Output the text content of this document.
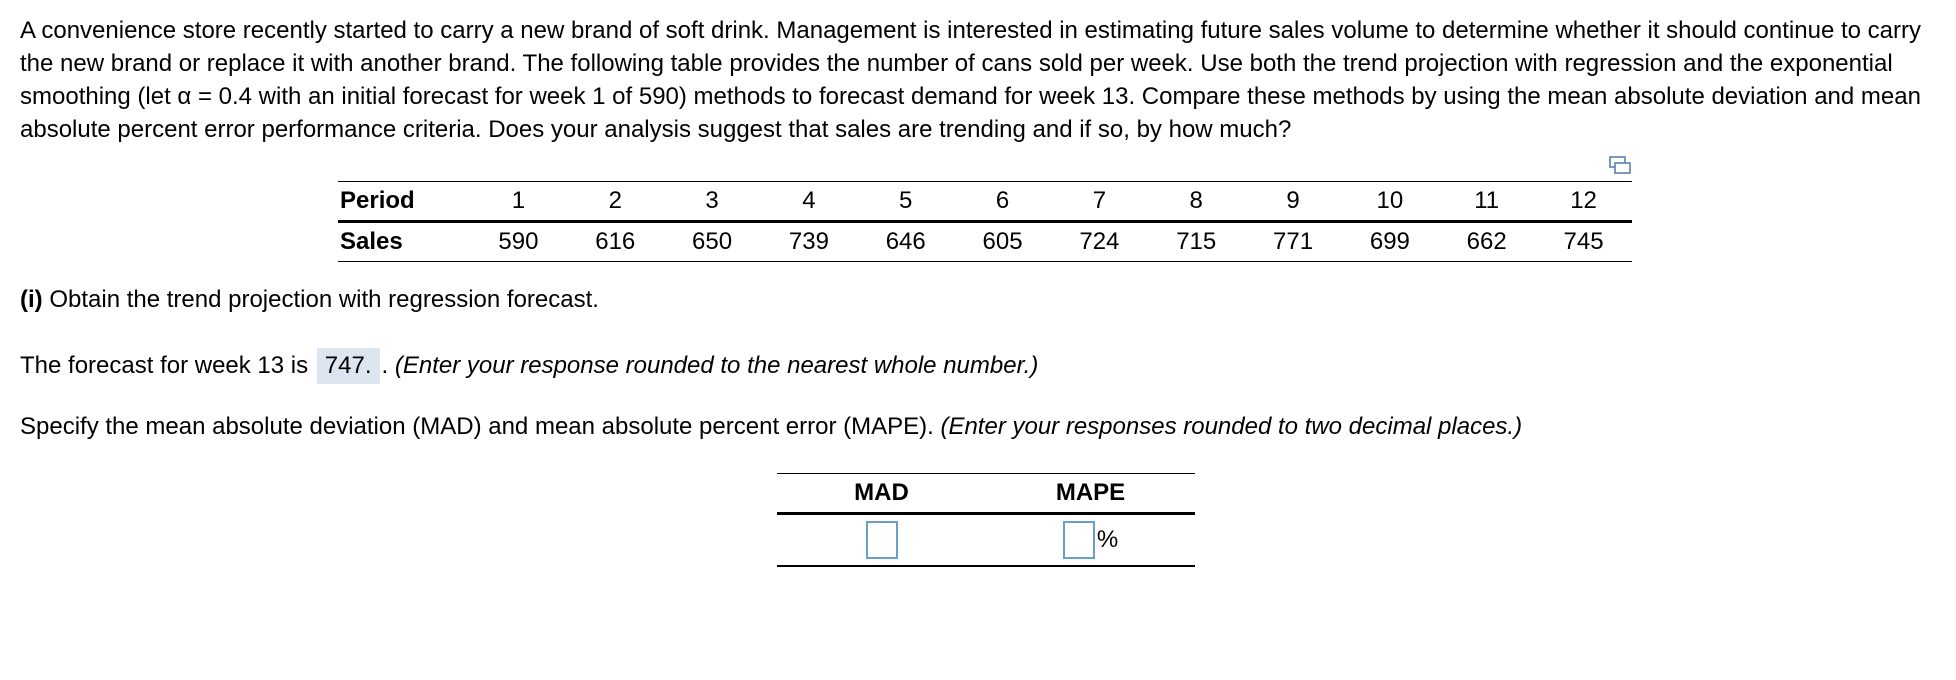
A convenience store recently started to carry a new brand of soft drink. Management is interested in estimating future sales volume to determine whether it should continue to carry the new brand or replace it with another brand. The following table provides the number of cans sold per week. Use both the trend projection with regression and the exponential smoothing (let α = 0.4 with an initial forecast for week 1 of 590) methods to forecast demand for week 13. Compare these methods by using the mean absolute deviation and mean absolute percent error performance criteria. Does your analysis suggest that sales are trending and if so, by how much?

Period	1	2	3	4	5	6	7	8	9	10	11	12
Sales	590	616	650	739	646	605	724	715	771	699	662	745

(i) Obtain the trend projection with regression forecast.

The forecast for week 13 is 747. . (Enter your response rounded to the nearest whole number.)

Specify the mean absolute deviation (MAD) and mean absolute percent error (MAPE). (Enter your responses rounded to two decimal places.)

MAD	MAPE
	%
